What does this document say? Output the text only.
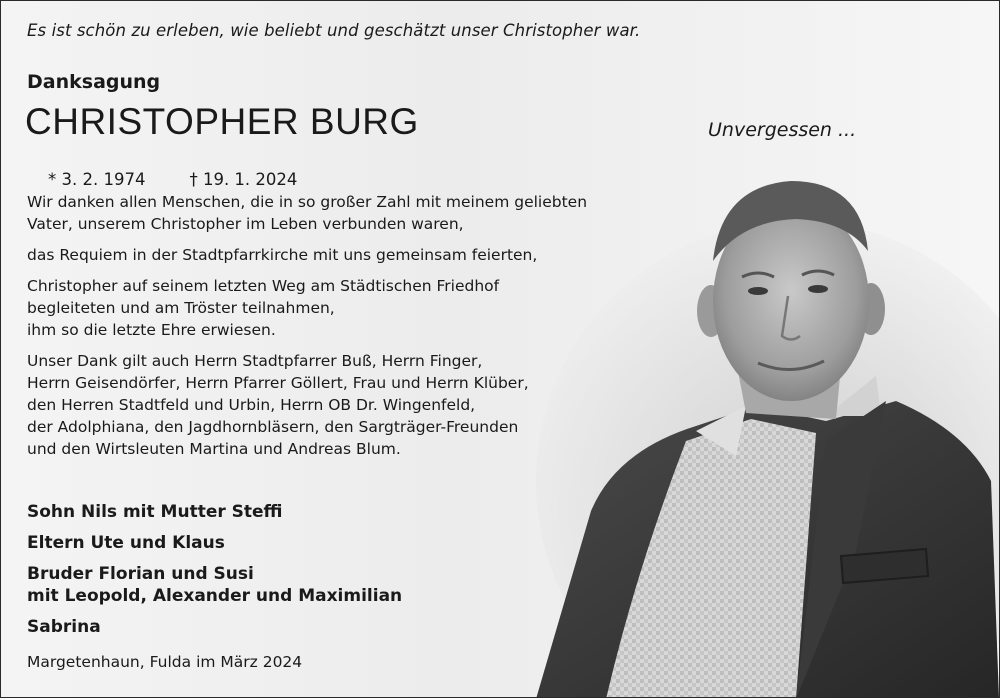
Es ist schön zu erleben, wie beliebt und geschätzt unser Christopher war.
Danksagung
CHRISTOPHER BURG

* 3. 2. 1974	† 19. 1. 2024

Unvergessen ...

Wir danken allen Menschen, die in so großer Zahl mit meinem geliebten
Vater, unserem Christopher im Leben verbunden waren,

das Requiem in der Stadtpfarrkirche mit uns gemeinsam feierten,

Christopher auf seinem letzten Weg am Städtischen Friedhof
begleiteten und am Tröster teilnahmen,
ihm so die letzte Ehre erwiesen.

Unser Dank gilt auch Herrn Stadtpfarrer Buß, Herrn Finger,
Herrn Geisendörfer, Herrn Pfarrer Göllert, Frau und Herrn Klüber,
den Herren Stadtfeld und Urbin, Herrn OB Dr. Wingenfeld,
der Adolphiana, den Jagdhornbläsern, den Sargträger-Freunden
und den Wirtsleuten Martina und Andreas Blum.

Sohn Nils mit Mutter Steffi
Eltern Ute und Klaus
Bruder Florian und Susi
mit Leopold, Alexander und Maximilian
Sabrina
Margetenhaun, Fulda im März 2024
